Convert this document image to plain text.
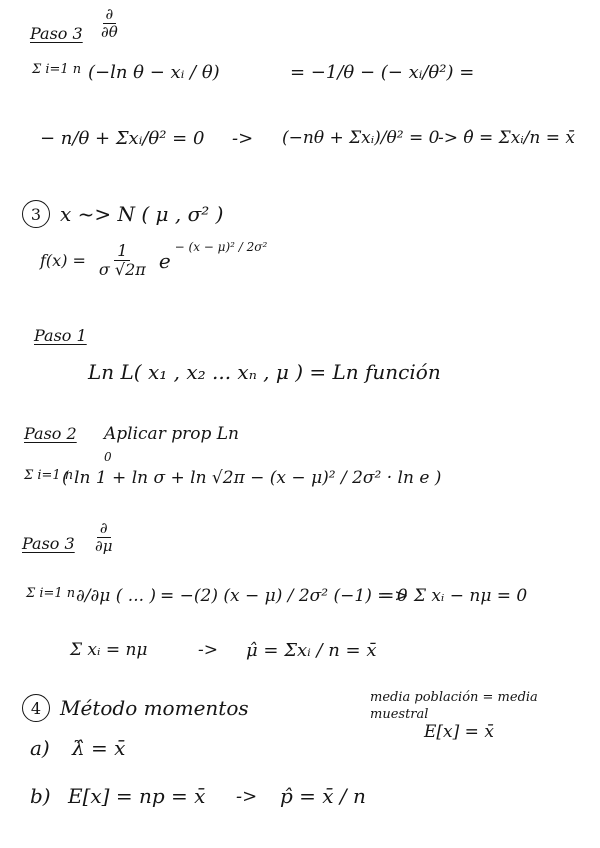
Paso $3 \frac{\partial}{\partial\theta}$
Σ i=1 n (−ln θ − xᵢ / θ)	= −1/θ − (− xᵢ/θ²) =
− n/θ + Σxᵢ/θ² = 0 -> (−nθ + Σxᵢ)/θ² = 0
-> θ̂ = Σxᵢ/n = x̄
3 x ~> N ( μ , σ² )
$f(x) = \frac{1}{\sigma √2\pi}$ e
− (x − μ)² / 2σ²
Paso 1
Ln L( x₁ , x₂ ... xₙ , μ ) = Ln función
Paso 2 Aplicar prop Ln
0
Σ i=1 n
( ln 1 + ln σ + ln √2π − (x − μ)² / 2σ² · ln e )
Paso $3 \frac{\partial}{\partial\mu}$
Σ i=1 n ∂/∂μ ( ... ) = −(2) (x − μ) / 2σ² (−1) = 0
=> Σ xᵢ − nμ = 0
Σ xᵢ = nμ	-> μ̂ = Σxᵢ / n = x̄
4 Método momentos	media población = media muestral
E[x] = x̄
a) λ̂ = x̄
b) E[x] = np = x̄ -> p̂ = x̄ / n
